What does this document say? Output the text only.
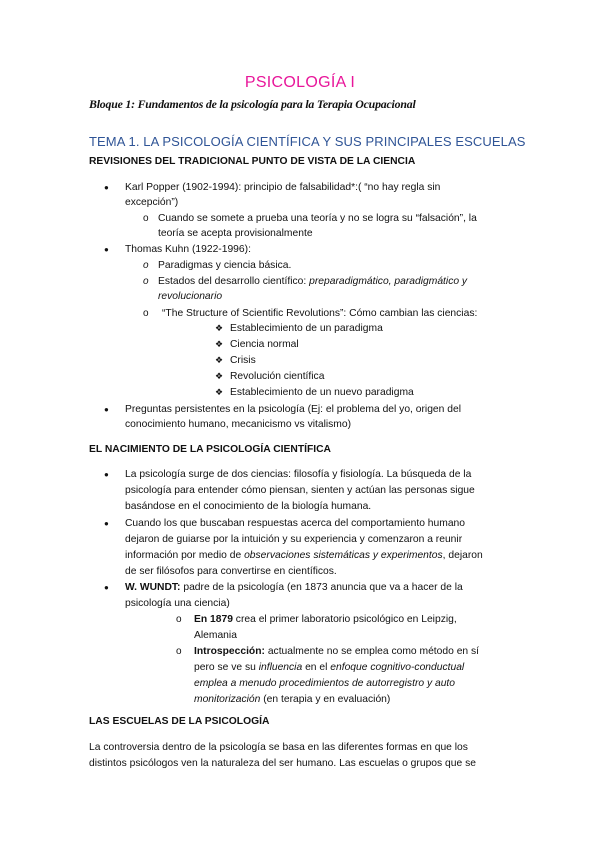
PSICOLOGÍA I
Bloque 1: Fundamentos de la psicología para la Terapia Ocupacional
TEMA 1. LA PSICOLOGÍA CIENTÍFICA Y SUS PRINCIPALES ESCUELAS
REVISIONES DEL TRADICIONAL PUNTO DE VISTA DE LA CIENCIA
● Karl Popper (1902-1994): principio de falsabilidad*:( “no hay regla sin
excepción”)
o Cuando se somete a prueba una teoría y no se logra su “falsación”, la
teoría se acepta provisionalmente
● Thomas Kuhn (1922-1996):
o Paradigmas y ciencia básica.
o Estados del desarrollo científico: preparadigmático, paradigmático y
revolucionario
o “The Structure of Scientific Revolutions”: Cómo cambian las ciencias:
❖ Establecimiento de un paradigma
❖ Ciencia normal
❖ Crisis
❖ Revolución científica
❖ Establecimiento de un nuevo paradigma
● Preguntas persistentes en la psicología (Ej: el problema del yo, origen del
conocimiento humano, mecanicismo vs vitalismo)
EL NACIMIENTO DE LA PSICOLOGÍA CIENTÍFICA
● La psicología surge de dos ciencias: filosofía y fisiología. La búsqueda de la
psicología para entender cómo piensan, sienten y actúan las personas sigue
basándose en el conocimiento de la biología humana.
● Cuando los que buscaban respuestas acerca del comportamiento humano
dejaron de guiarse por la intuición y su experiencia y comenzaron a reunir
información por medio de observaciones sistemáticas y experimentos, dejaron
de ser filósofos para convertirse en científicos.
● W. WUNDT: padre de la psicología (en 1873 anuncia que va a hacer de la
psicología una ciencia)
o En 1879 crea el primer laboratorio psicológico en Leipzig,
Alemania
o Introspección: actualmente no se emplea como método en sí
pero se ve su influencia en el enfoque cognitivo-conductual
emplea a menudo procedimientos de autorregistro y auto
monitorización (en terapia y en evaluación)
LAS ESCUELAS DE LA PSICOLOGÍA
La controversia dentro de la psicología se basa en las diferentes formas en que los
distintos psicólogos ven la naturaleza del ser humano. Las escuelas o grupos que se
